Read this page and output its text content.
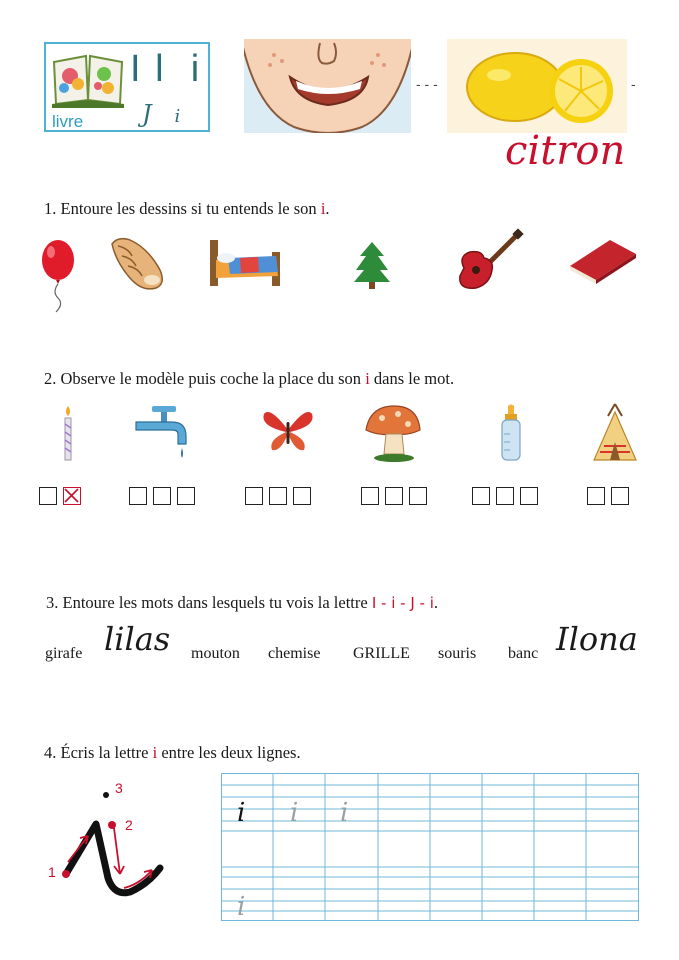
I l i
J i
livre
- - -	-
citron
1. Entoure les dessins si tu entends le son i.
2. Observe le modèle puis coche la place du son i dans le mot.
3. Entoure les mots dans lesquels tu vois la lettre I - i - J - i.
girafe lilas mouton chemise GRILLE souris banc Ilona
4. Écris la lettre i entre les deux lignes.
1
2
3
i i i
i
